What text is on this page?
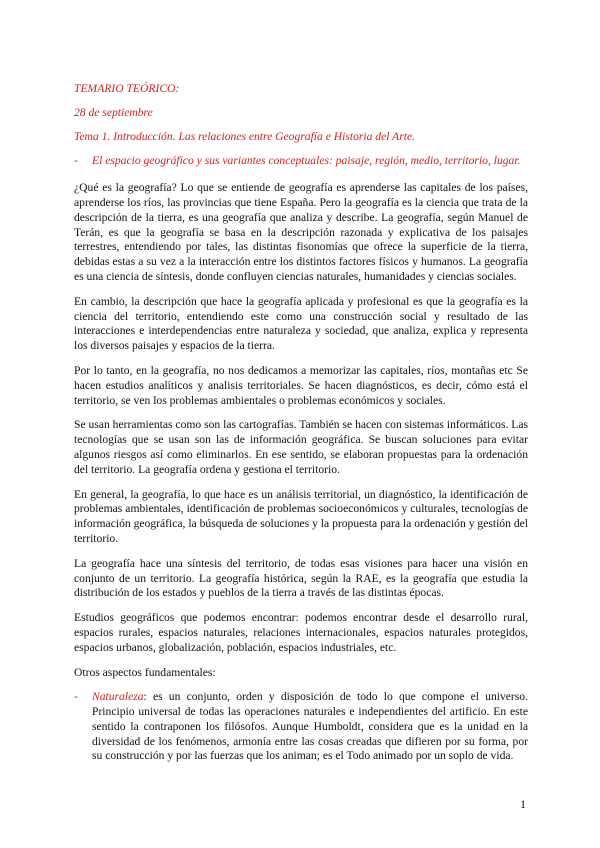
TEMARIO TEÓRICO:
28 de septiembre
Tema 1. Introducción. Las relaciones entre Geografía e Historia del Arte.
- El espacio geográfico y sus variantes conceptuales: paisaje, región, medio, territorio, lugar.

¿Qué es la geografía? Lo que se entiende de geografía es aprenderse las capitales de los países, aprenderse los ríos, las provincias que tiene España. Pero la geografía es la ciencia que trata de la descripción de la tierra, es una geografía que analiza y describe. La geografía, según Manuel de Terán, es que la geografía se basa en la descripción razonada y explicativa de los paisajes terrestres, entendiendo por tales, las distintas fisonomías que ofrece la superficie de la tierra, debidas estas a su vez a la interacción entre los distintos factores físicos y humanos. La geografía es una ciencia de síntesis, donde confluyen ciencias naturales, humanidades y ciencias sociales.

En cambio, la descripción que hace la geografía aplicada y profesional es que la geografía es la ciencia del territorio, entendiendo este como una construcción social y resultado de las interacciones e interdependencias entre naturaleza y sociedad, que analiza, explica y representa los diversos paisajes y espacios de la tierra.

Por lo tanto, en la geografía, no nos dedicamos a memorizar las capitales, ríos, montañas etc Se hacen estudios analíticos y analisis territoriales. Se hacen diagnósticos, es decir, cómo está el territorio, se ven los problemas ambientales o problemas económicos y sociales.

Se usan herramientas como son las cartografías. También se hacen con sistemas informáticos. Las tecnologías que se usan son las de información geográfica. Se buscan soluciones para evitar algunos riesgos así como eliminarlos. En ese sentido, se elaboran propuestas para la ordenación del territorio. La geografía ordena y gestiona el territorio.

En general, la geografía, lo que hace es un análisis territorial, un diagnóstico, la identificación de problemas ambientales, identificación de problemas socioeconómicos y culturales, tecnologías de información geográfica, la búsqueda de soluciones y la propuesta para la ordenación y gestión del territorio.

La geografía hace una síntesis del territorio, de todas esas visiones para hacer una visión en conjunto de un territorio. La geografía histórica, según la RAE, es la geografía que estudia la distribución de los estados y pueblos de la tierra a través de las distintas épocas.

Estudios geográficos que podemos encontrar: podemos encontrar desde el desarrollo rural, espacios rurales, espacios naturales, relaciones internacionales, espacios naturales protegidos, espacios urbanos, globalización, población, espacios industriales, etc.

Otros aspectos fundamentales:

- Naturaleza: es un conjunto, orden y disposición de todo lo que compone el universo. Principio universal de todas las operaciones naturales e independientes del artificio. En este sentido la contraponen los filósofos. Aunque Humboldt, considera que es la unidad en la diversidad de los fenómenos, armonía entre las cosas creadas que difieren por su forma, por su construcción y por las fuerzas que los animan; es el Todo animado por un soplo de vida.
1
